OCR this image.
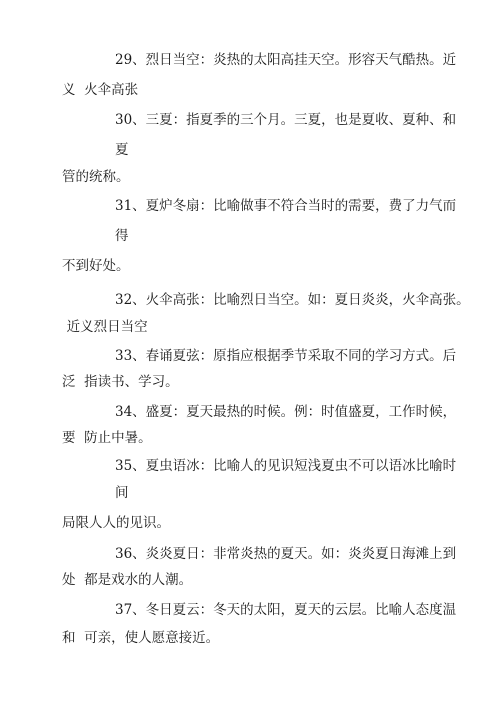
29、烈日当空：炎热的太阳高挂天空。形容天气酷热。近
义  火伞高张
30、三夏：指夏季的三个月。三夏，也是夏收、夏种、和
夏
管的统称。
31、夏炉冬扇：比喻做事不符合当时的需要，费了力气而
得
不到好处。
32、火伞高张：比喻烈日当空。如：夏日炎炎，火伞高张。
近义烈日当空
33、春诵夏弦：原指应根据季节采取不同的学习方式。后
泛  指读书、学习。
34、盛夏：夏天最热的时候。例：时值盛夏，工作时候，
要  防止中暑。
35、夏虫语冰：比喻人的见识短浅夏虫不可以语冰比喻时
间
局限人人的见识。
36、炎炎夏日：非常炎热的夏天。如：炎炎夏日海滩上到
处  都是戏水的人潮。
37、冬日夏云：冬天的太阳，夏天的云层。比喻人态度温
和  可亲，使人愿意接近。
